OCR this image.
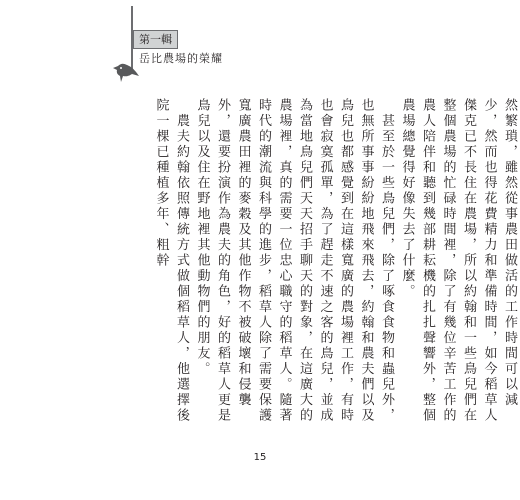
第一輯
岳比農場的榮耀
然繁瑣，雖然從事農田做活的工作時間可以減少，然而也得花費精力和準備時間，如今稻草人傑克已不長住在農場，所以約翰和一些鳥兒們在整個農場的忙碌時間裡，除了有幾位辛苦工作的農人陪伴和聽到幾部耕耘機的扎扎聲響外，整個農場總覺得好像失去了什麼。
　甚至於一些鳥兒們，除了啄食食物和蟲兒外，也無所事事紛紛地飛來飛去，約翰和農夫們以及鳥兒也都感覺到在這樣寬廣的農場裡工作，有時也會寂寞孤單，為了趕走不速之客的鳥兒，並成為當地鳥兒們天天招手聊天的對象，在這廣大的農場裡，真的需要一位忠心職守的稻草人。隨著時代的潮流與科學的進步，稻草人除了需要保護寬廣農田裡的麥穀及其他作物不被破壞和侵襲外，還要扮演作為農夫的角色，好的稻草人更是鳥兒以及住在野地裡其他動物們的朋友。
　農夫約翰依照傳統方式做個稻草人，他選擇後院一棵已種植多年、粗幹
15
